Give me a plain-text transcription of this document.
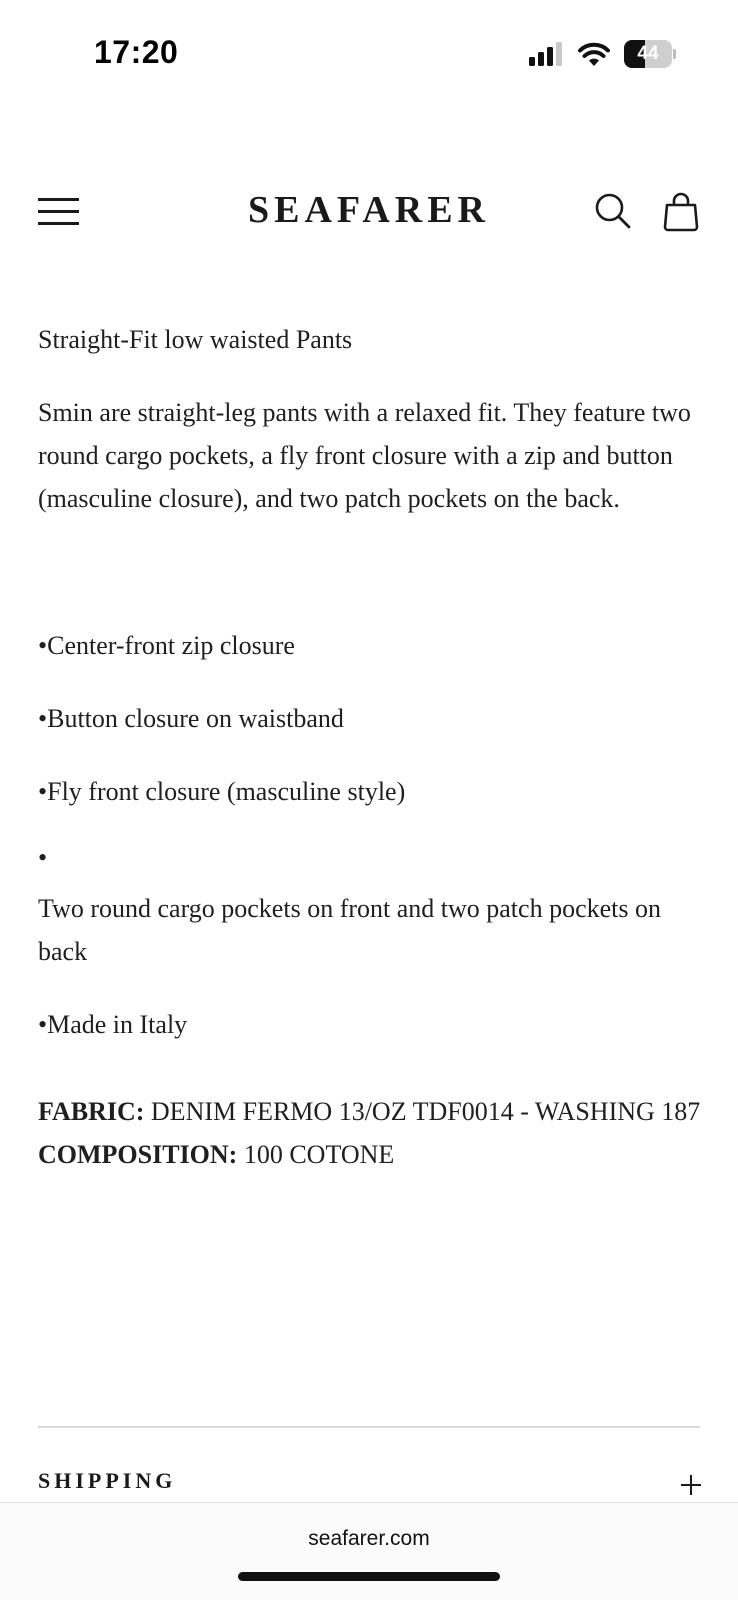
17:20	44
SEAFARER

Straight-Fit low waisted Pants

Smin are straight-leg pants with a relaxed fit. They feature two round cargo pockets, a fly front closure with a zip and button (masculine closure), and two patch pockets on the back.

•Center-front zip closure

•Button closure on waistband

•Fly front closure (masculine style)

•

Two round cargo pockets on front and two patch pockets on back

•Made in Italy

FABRIC: DENIM FERMO 13/OZ TDF0014 - WASHING 187

COMPOSITION: 100 COTONE

SHIPPING
seafarer.com
